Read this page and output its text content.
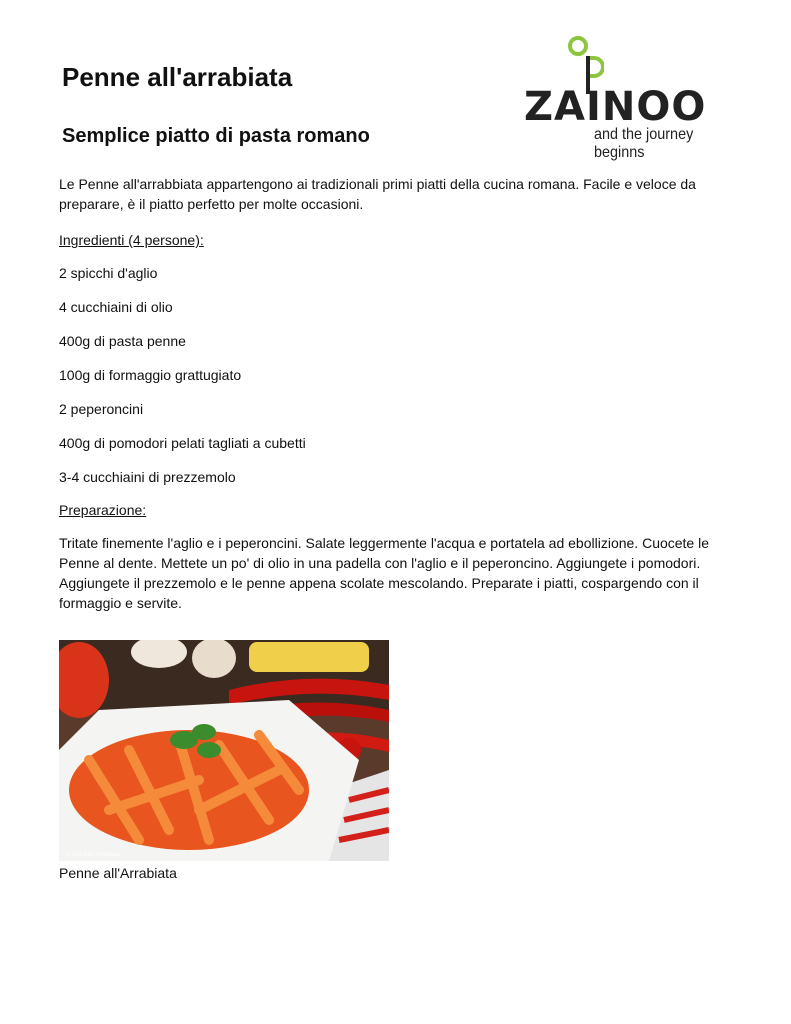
Penne all'arrabiata
Semplice piatto di pasta romano
ZAINOO
and the journey beginns

Le Penne all'arrabbiata appartengono ai tradizionali primi piatti della cucina romana. Facile e veloce da preparare, è il piatto perfetto per molte occasioni.

Ingredienti (4 persone):

2 spicchi d'aglio

4 cucchiaini di olio

400g di pasta penne

100g di formaggio grattugiato

2 peperoncini

400g di pomodori pelati tagliati a cubetti

3-4 cucchiaini di prezzemolo

Preparazione:

Tritate finemente l'aglio e i peperoncini. Salate leggermente l'acqua e portatela ad ebollizione. Cuocete le Penne al dente. Mettete un po' di olio in una padella con l'aglio e il peperoncino. Aggiungete i pomodori. Aggiungete il prezzemolo e le penne appena scolate mescolando. Preparate i piatti, cospargendo con il formaggio e servite.

© Fotolia/ kmasqu

Penne all'Arrabiata
